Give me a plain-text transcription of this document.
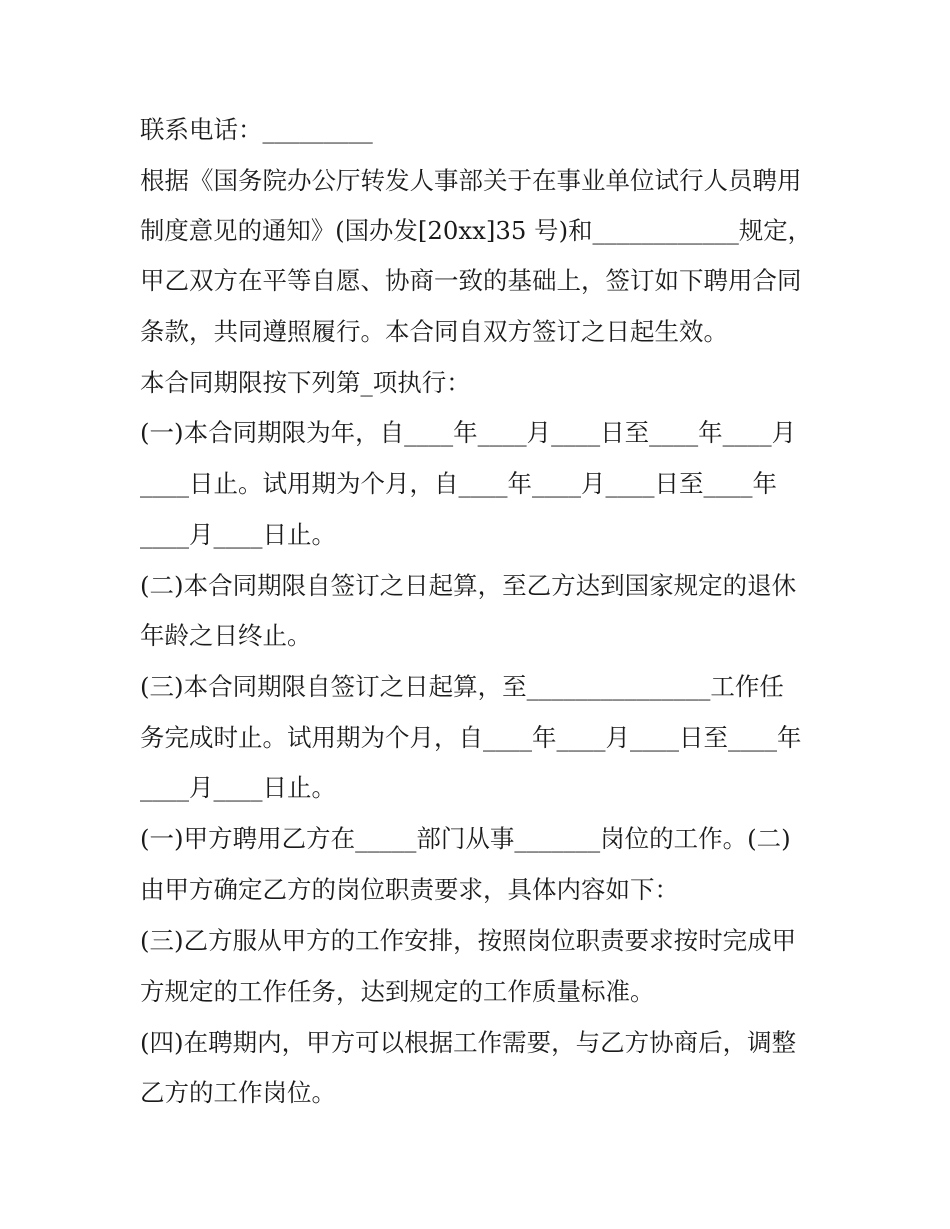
联系电话：_________
根据《国务院办公厅转发人事部关于在事业单位试行人员聘用
制度意见的通知》(国办发[20xx]35 号)和____________规定，
甲乙双方在平等自愿、协商一致的基础上，签订如下聘用合同
条款，共同遵照履行。本合同自双方签订之日起生效。
本合同期限按下列第_项执行：
(一)本合同期限为年，自____年____月____日至____年____月
____日止。试用期为个月，自____年____月____日至____年
____月____日止。
(二)本合同期限自签订之日起算，至乙方达到国家规定的退休
年龄之日终止。
(三)本合同期限自签订之日起算，至_______________工作任
务完成时止。试用期为个月，自____年____月____日至____年
____月____日止。
(一)甲方聘用乙方在_____部门从事_______岗位的工作。(二)
由甲方确定乙方的岗位职责要求，具体内容如下：
(三)乙方服从甲方的工作安排，按照岗位职责要求按时完成甲
方规定的工作任务，达到规定的工作质量标准。
(四)在聘期内，甲方可以根据工作需要，与乙方协商后，调整
乙方的工作岗位。
